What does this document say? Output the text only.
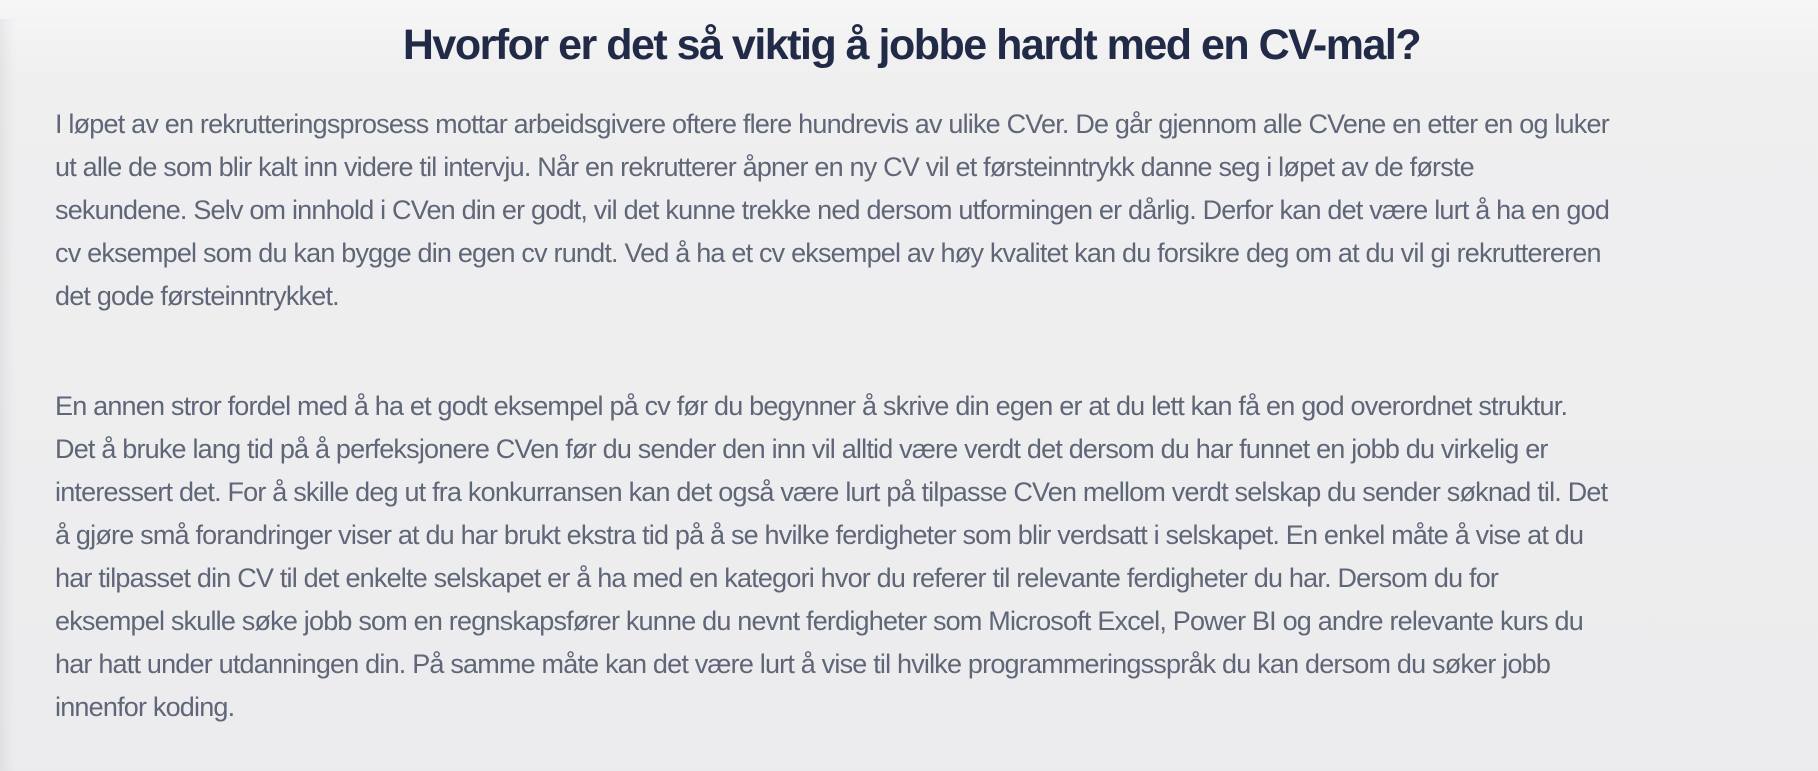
Hvorfor er det så viktig å jobbe hardt med en CV-mal?
I løpet av en rekrutteringsprosess mottar arbeidsgivere oftere flere hundrevis av ulike CVer. De går gjennom alle CVene en etter en og luker
ut alle de som blir kalt inn videre til intervju. Når en rekrutterer åpner en ny CV vil et førsteinntrykk danne seg i løpet av de første
sekundene. Selv om innhold i CVen din er godt, vil det kunne trekke ned dersom utformingen er dårlig. Derfor kan det være lurt å ha en god
cv eksempel som du kan bygge din egen cv rundt. Ved å ha et cv eksempel av høy kvalitet kan du forsikre deg om at du vil gi rekruttereren
det gode førsteinntrykket.
En annen stror fordel med å ha et godt eksempel på cv før du begynner å skrive din egen er at du lett kan få en god overordnet struktur.
Det å bruke lang tid på å perfeksjonere CVen før du sender den inn vil alltid være verdt det dersom du har funnet en jobb du virkelig er
interessert det. For å skille deg ut fra konkurransen kan det også være lurt på tilpasse CVen mellom verdt selskap du sender søknad til. Det
å gjøre små forandringer viser at du har brukt ekstra tid på å se hvilke ferdigheter som blir verdsatt i selskapet. En enkel måte å vise at du
har tilpasset din CV til det enkelte selskapet er å ha med en kategori hvor du referer til relevante ferdigheter du har. Dersom du for
eksempel skulle søke jobb som en regnskapsfører kunne du nevnt ferdigheter som Microsoft Excel, Power BI og andre relevante kurs du
har hatt under utdanningen din. På samme måte kan det være lurt å vise til hvilke programmeringsspråk du kan dersom du søker jobb
innenfor koding.
